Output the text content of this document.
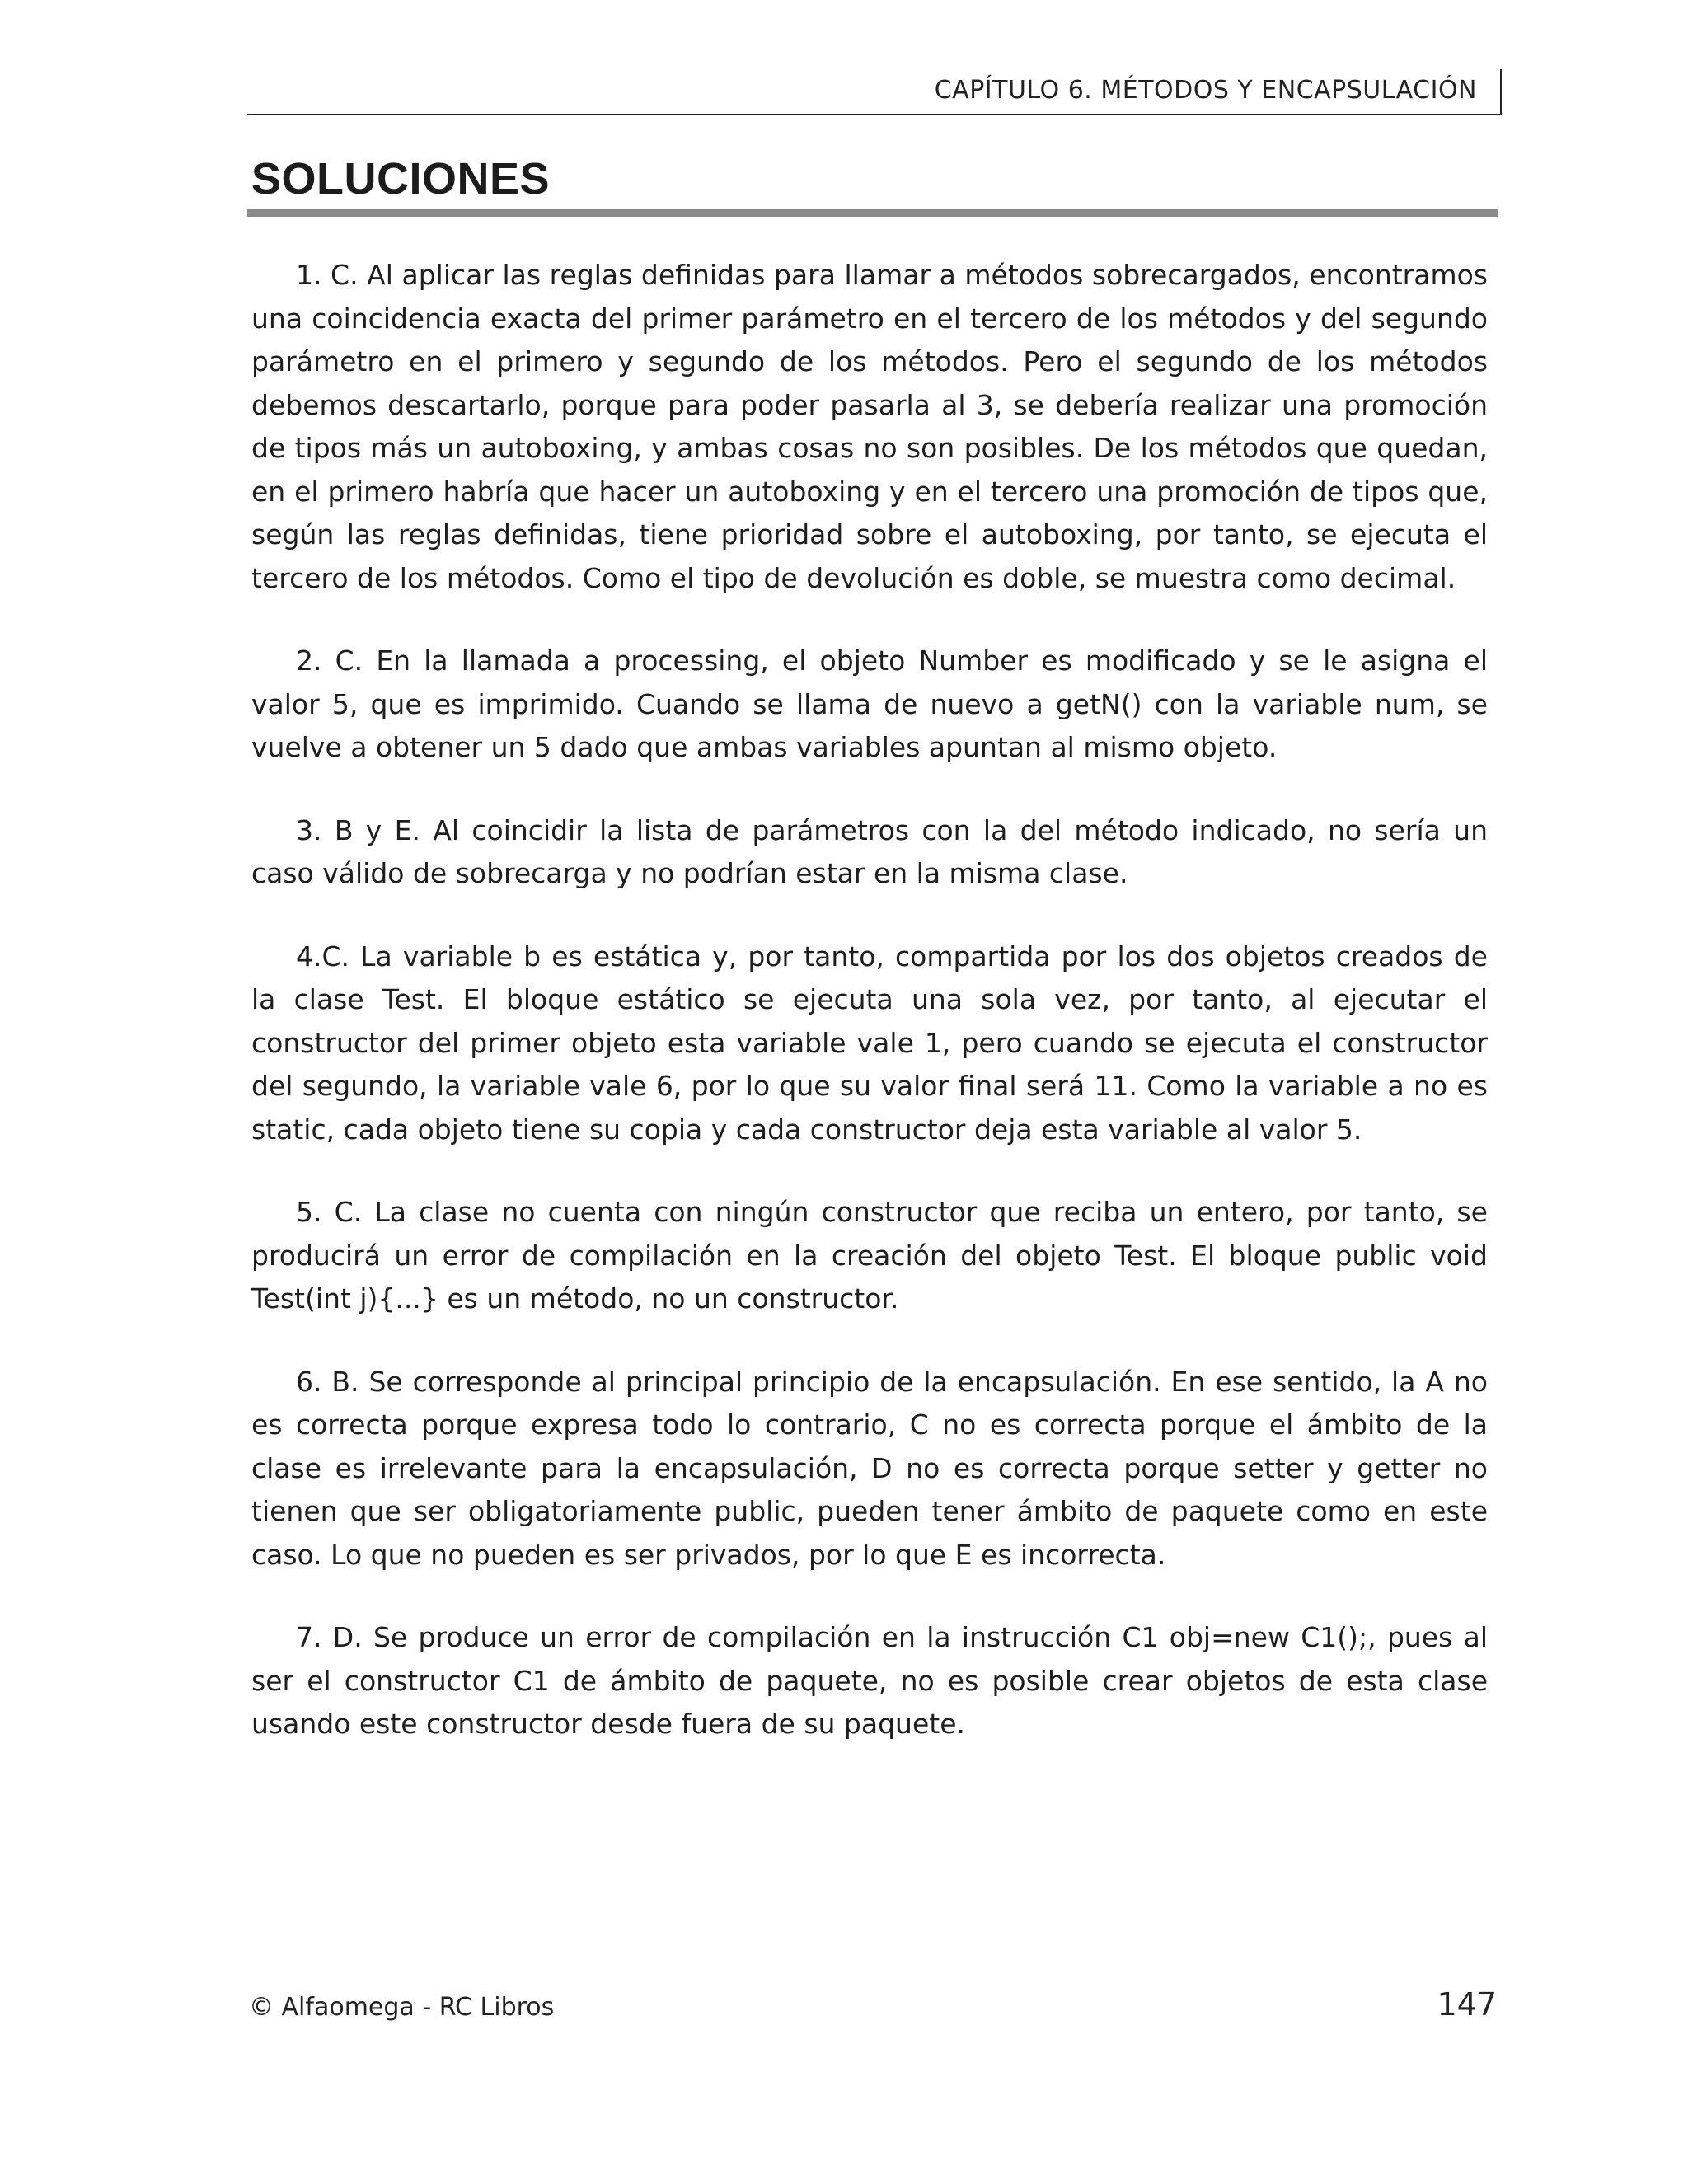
CAPÍTULO 6. MÉTODOS Y ENCAPSULACIÓN
SOLUCIONES

1. C. Al aplicar las reglas definidas para llamar a métodos sobrecargados, encontramos una coincidencia exacta del primer parámetro en el tercero de los métodos y del segundo parámetro en el primero y segundo de los métodos. Pero el segundo de los métodos debemos descartarlo, porque para poder pasarla al 3, se debería realizar una promoción de tipos más un autoboxing, y ambas cosas no son posibles. De los métodos que quedan, en el primero habría que hacer un autoboxing y en el tercero una promoción de tipos que, según las reglas definidas, tiene prioridad sobre el autoboxing, por tanto, se ejecuta el tercero de los métodos. Como el tipo de devolución es doble, se muestra como decimal.

2. C. En la llamada a processing, el objeto Number es modificado y se le asigna el valor 5, que es imprimido. Cuando se llama de nuevo a getN() con la variable num, se vuelve a obtener un 5 dado que ambas variables apuntan al mismo objeto.

3. B y E. Al coincidir la lista de parámetros con la del método indicado, no sería un caso válido de sobrecarga y no podrían estar en la misma clase.

4.C. La variable b es estática y, por tanto, compartida por los dos objetos creados de la clase Test. El bloque estático se ejecuta una sola vez, por tanto, al ejecutar el constructor del primer objeto esta variable vale 1, pero cuando se ejecuta el constructor del segundo, la variable vale 6, por lo que su valor final será 11. Como la variable a no es static, cada objeto tiene su copia y cada constructor deja esta variable al valor 5.

5. C. La clase no cuenta con ningún constructor que reciba un entero, por tanto, se producirá un error de compilación en la creación del objeto Test. El bloque public void Test(int j){...} es un método, no un constructor.

6. B. Se corresponde al principal principio de la encapsulación. En ese sentido, la A no es correcta porque expresa todo lo contrario, C no es correcta porque el ámbito de la clase es irrelevante para la encapsulación, D no es correcta porque setter y getter no tienen que ser obligatoriamente public, pueden tener ámbito de paquete como en este caso. Lo que no pueden es ser privados, por lo que E es incorrecta.

7. D. Se produce un error de compilación en la instrucción C1 obj=new C1();, pues al ser el constructor C1 de ámbito de paquete, no es posible crear objetos de esta clase usando este constructor desde fuera de su paquete.

© Alfaomega - RC Libros	147
